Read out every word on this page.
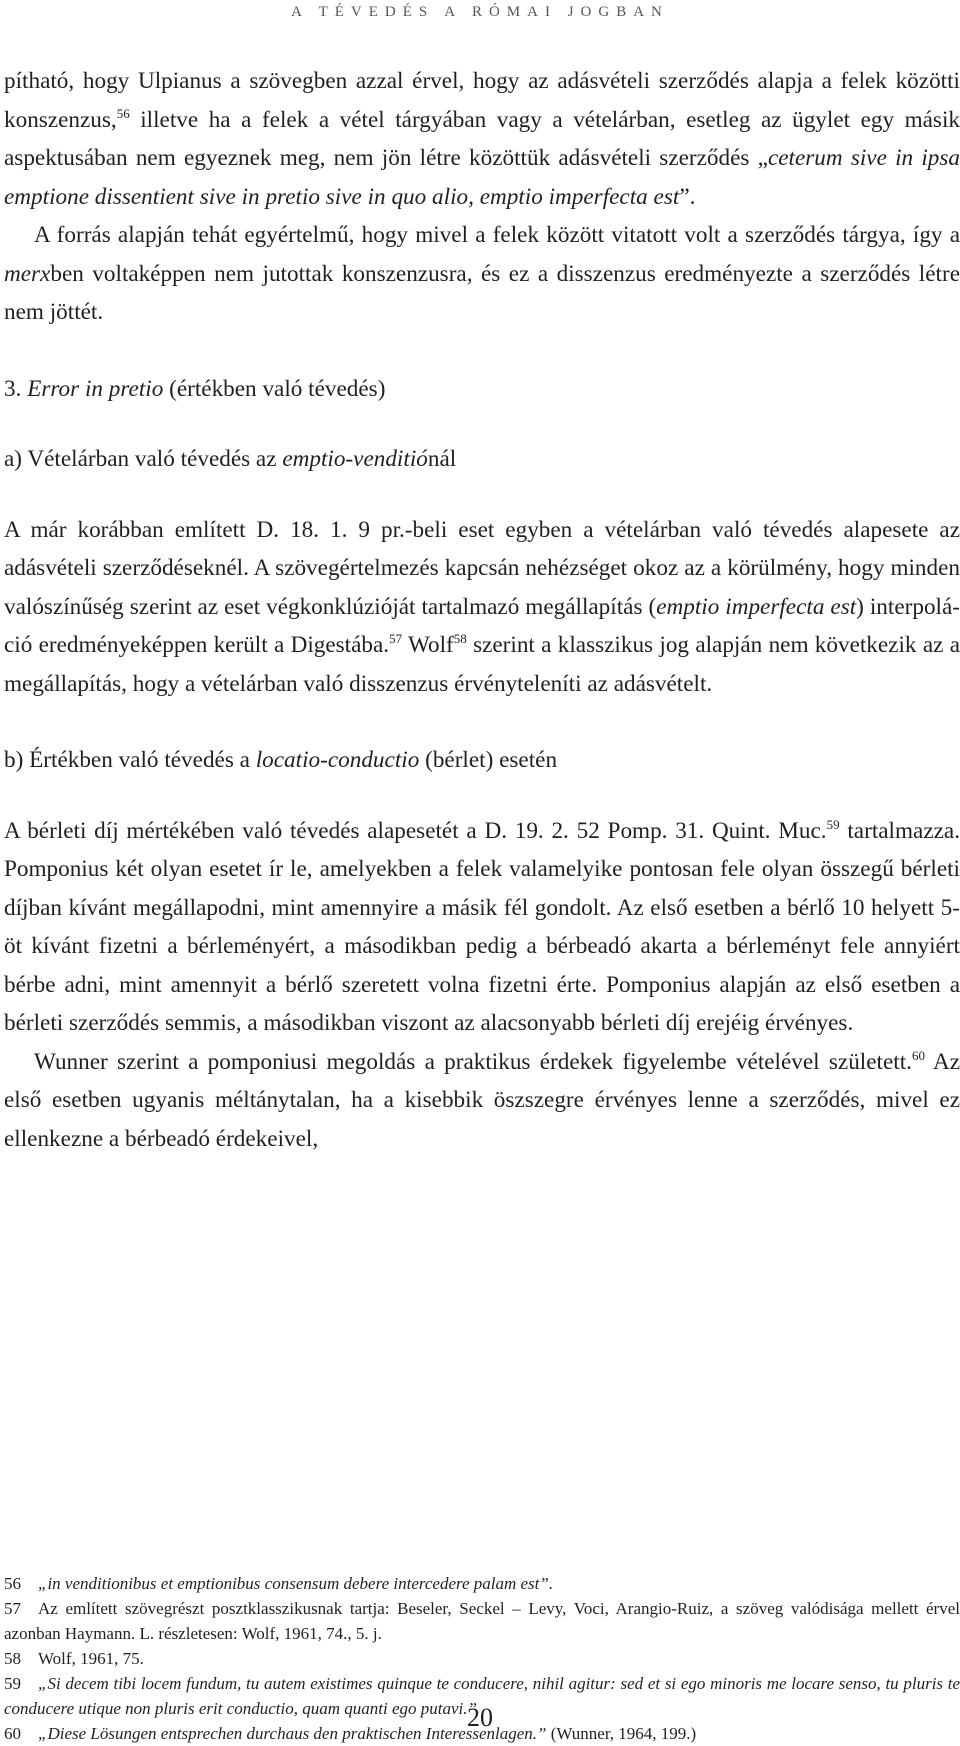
A TÉVEDÉS A RÓMAI JOGBAN

pítható, hogy Ulpianus a szövegben azzal érvel, hogy az adásvételi szerződés alapja a felek közötti konszenzus,$^{56}$ illetve ha a felek a vétel tárgyában vagy a vételárban, esetleg az ügylet egy másik aspektusában nem egyeznek meg, nem jön létre közöttük adásvételi szerződés „ceterum sive in ipsa emptione dissentient sive in pretio sive in quo alio, emptio imperfecta est”.

A forrás alapján tehát egyértelmű, hogy mivel a felek között vitatott volt a szerződés tárgya, így a merxben voltaképpen nem jutottak konszenzusra, és ez a disszenzus eredményezte a szerződés létre nem jöttét.

3. Error in pretio (értékben való tévedés)

a) Vételárban való tévedés az emptio-venditiónál

A már korábban említett D. 18. 1. 9 pr.-beli eset egyben a vételárban való tévedés alapesete az adásvételi szerződéseknél. A szövegértelmezés kapcsán nehézséget okoz az a körülmény, hogy minden valószínűség szerint az eset végkonklúzióját tartalmazó megállapítás (emptio imperfecta est) interpoláció eredményeképpen került a Digestába.$^{57}$ Wolf$^{58}$ szerint a klasszikus jog alapján nem következik az a megállapítás, hogy a vételárban való disszenzus érvényteleníti az adásvételt.

b) Értékben való tévedés a locatio-conductio (bérlet) esetén

A bérleti díj mértékében való tévedés alapesetét a D. 19. 2. 52 Pomp. 31. Quint. Muc.$^{59}$ tartalmazza. Pomponius két olyan esetet ír le, amelyekben a felek valamelyike pontosan fele olyan összegű bérleti díjban kívánt megállapodni, mint amennyire a másik fél gondolt. Az első esetben a bérlő 10 helyett 5-öt kívánt fizetni a bérleményért, a másodikban pedig a bérbeadó akarta a bérleményt fele annyiért bérbe adni, mint amennyit a bérlő szeretett volna fizetni érte. Pomponius alapján az első esetben a bérleti szerződés semmis, a másodikban viszont az alacsonyabb bérleti díj erejéig érvényes.

Wunner szerint a pomponiusi megoldás a praktikus érdekek figyelembe vételével született.$^{60}$ Az első esetben ugyanis méltánytalan, ha a kisebbik öszszegre érvényes lenne a szerződés, mivel ez ellenkezne a bérbeadó érdekeivel,

56 „in venditionibus et emptionibus consensum debere intercedere palam est”.

57 Az említett szövegrészt posztklasszikusnak tartja: Beseler, Seckel – Levy, Voci, Arangio-Ruiz, a szöveg valódisága mellett érvel azonban Haymann. L. részletesen: Wolf, 1961, 74., 5. j.

58 Wolf, 1961, 75.

59 „Si decem tibi locem fundum, tu autem existimes quinque te conducere, nihil agitur: sed et si ego minoris me locare senso, tu pluris te conducere utique non pluris erit conductio, quam quanti ego putavi.”

60 „Diese Lösungen entsprechen durchaus den praktischen Interessenlagen.” (Wunner, 1964, 199.)

20
